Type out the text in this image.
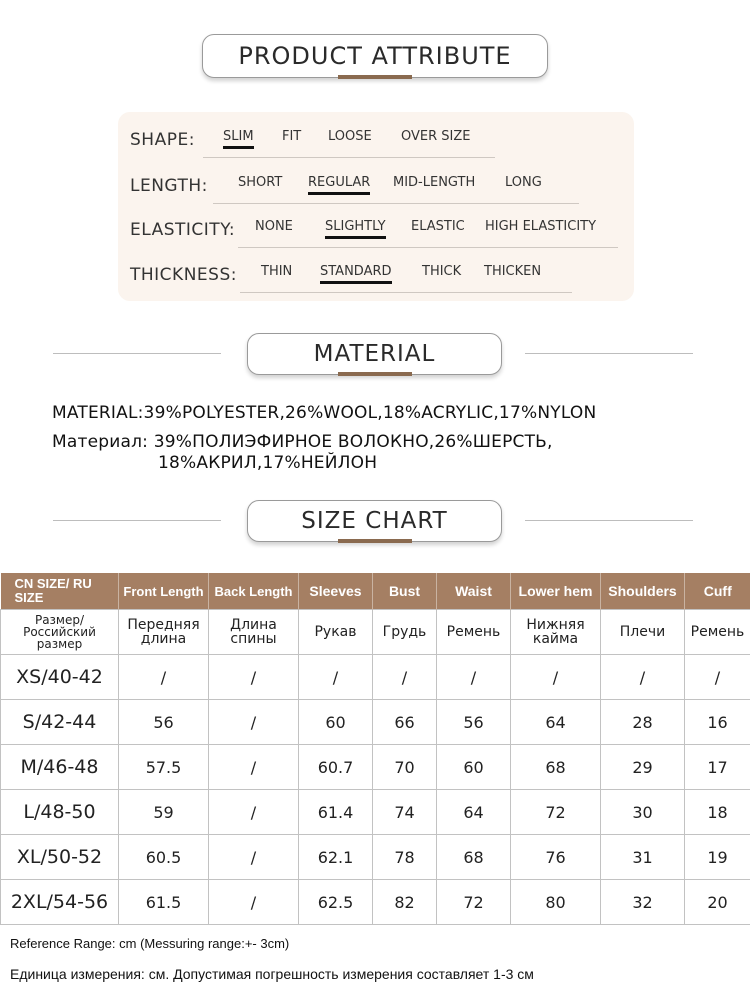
PRODUCT ATTRIBUTE
SHAPE: SLIM FIT LOOSE OVER SIZE
LENGTH: SHORT REGULAR MID-LENGTH LONG
ELASTICITY: NONE SLIGHTLY ELASTIC HIGH ELASTICITY
THICKNESS: THIN STANDARD THICK THICKEN
MATERIAL
MATERIAL:39%POLYESTER,26%WOOL,18%ACRYLIC,17%NYLON
Материал: 39%ПОЛИЭФИРНОЕ ВОЛОКНО,26%ШЕРСТЬ,
18%АКРИЛ,17%НЕЙЛОН
SIZE CHART
CN SIZE/ RU SIZE	Front Length	Back Length	Sleeves	Bust	Waist	Lower hem	Shoulders	Cuff
Размер/ Российский размер	Передняя длина	Длина спины	Рукав	Грудь	Ремень	Нижняя кайма	Плечи	Ремень
XS/40-42	/	/	/	/	/	/	/	/
S/42-44	56	/	60	66	56	64	28	16
M/46-48	57.5	/	60.7	70	60	68	29	17
L/48-50	59	/	61.4	74	64	72	30	18
XL/50-52	60.5	/	62.1	78	68	76	31	19
2XL/54-56	61.5	/	62.5	82	72	80	32	20
Reference Range: cm (Messuring range:+- 3cm)
Единица измерения: см. Допустимая погрешность измерения составляет 1-3 см
